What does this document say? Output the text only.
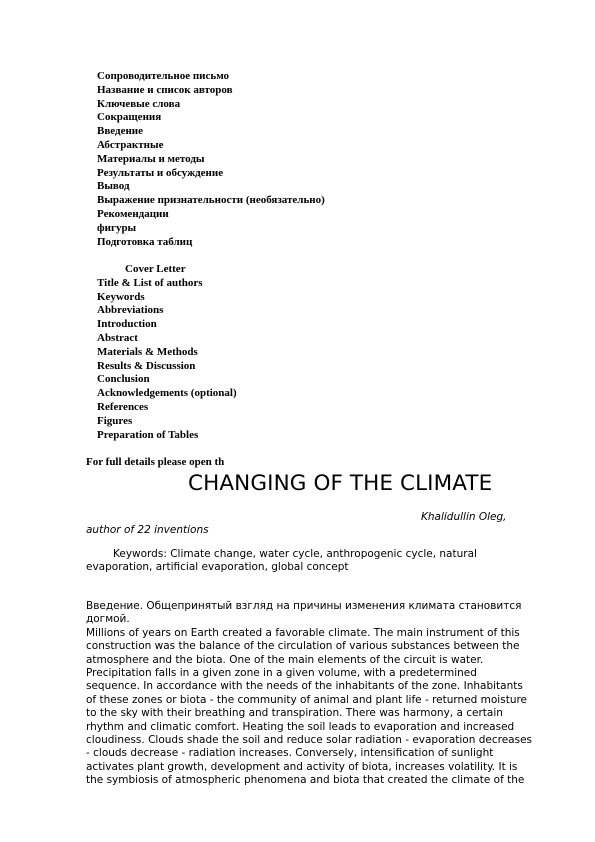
Сопроводительное письмо
Название и список авторов
Ключевые слова
Сокращения
Введение
Абстрактные
Материалы и методы
Результаты и обсуждение
Вывод
Выражение признательности (необязательно)
Рекомендации
фигуры
Подготовка таблиц
Cover Letter
Title & List of authors
Keywords
Abbreviations
Introduction
Abstract
Materials & Methods
Results & Discussion
Conclusion
Acknowledgements (optional)
References
Figures
Preparation of Tables

For full details please open th

CHANGING OF THE CLIMATE

Khalidullin Oleg,

author of 22 inventions

Keywords: Climate change, water cycle, anthropogenic cycle, natural
evaporation, artificial evaporation, global concept
Введение. Общепринятый взгляд на причины изменения климата становится
догмой.
Millions of years on Earth created a favorable climate. The main instrument of this
construction was the balance of the circulation of various substances between the
atmosphere and the biota. One of the main elements of the circuit is water.
Precipitation falls in a given zone in a given volume, with a predetermined
sequence. In accordance with the needs of the inhabitants of the zone. Inhabitants
of these zones or biota - the community of animal and plant life - returned moisture
to the sky with their breathing and transpiration. There was harmony, a certain
rhythm and climatic comfort. Heating the soil leads to evaporation and increased
cloudiness. Clouds shade the soil and reduce solar radiation - evaporation decreases
- clouds decrease - radiation increases. Conversely, intensification of sunlight
activates plant growth, development and activity of biota, increases volatility. It is
the symbiosis of atmospheric phenomena and biota that created the climate of the
